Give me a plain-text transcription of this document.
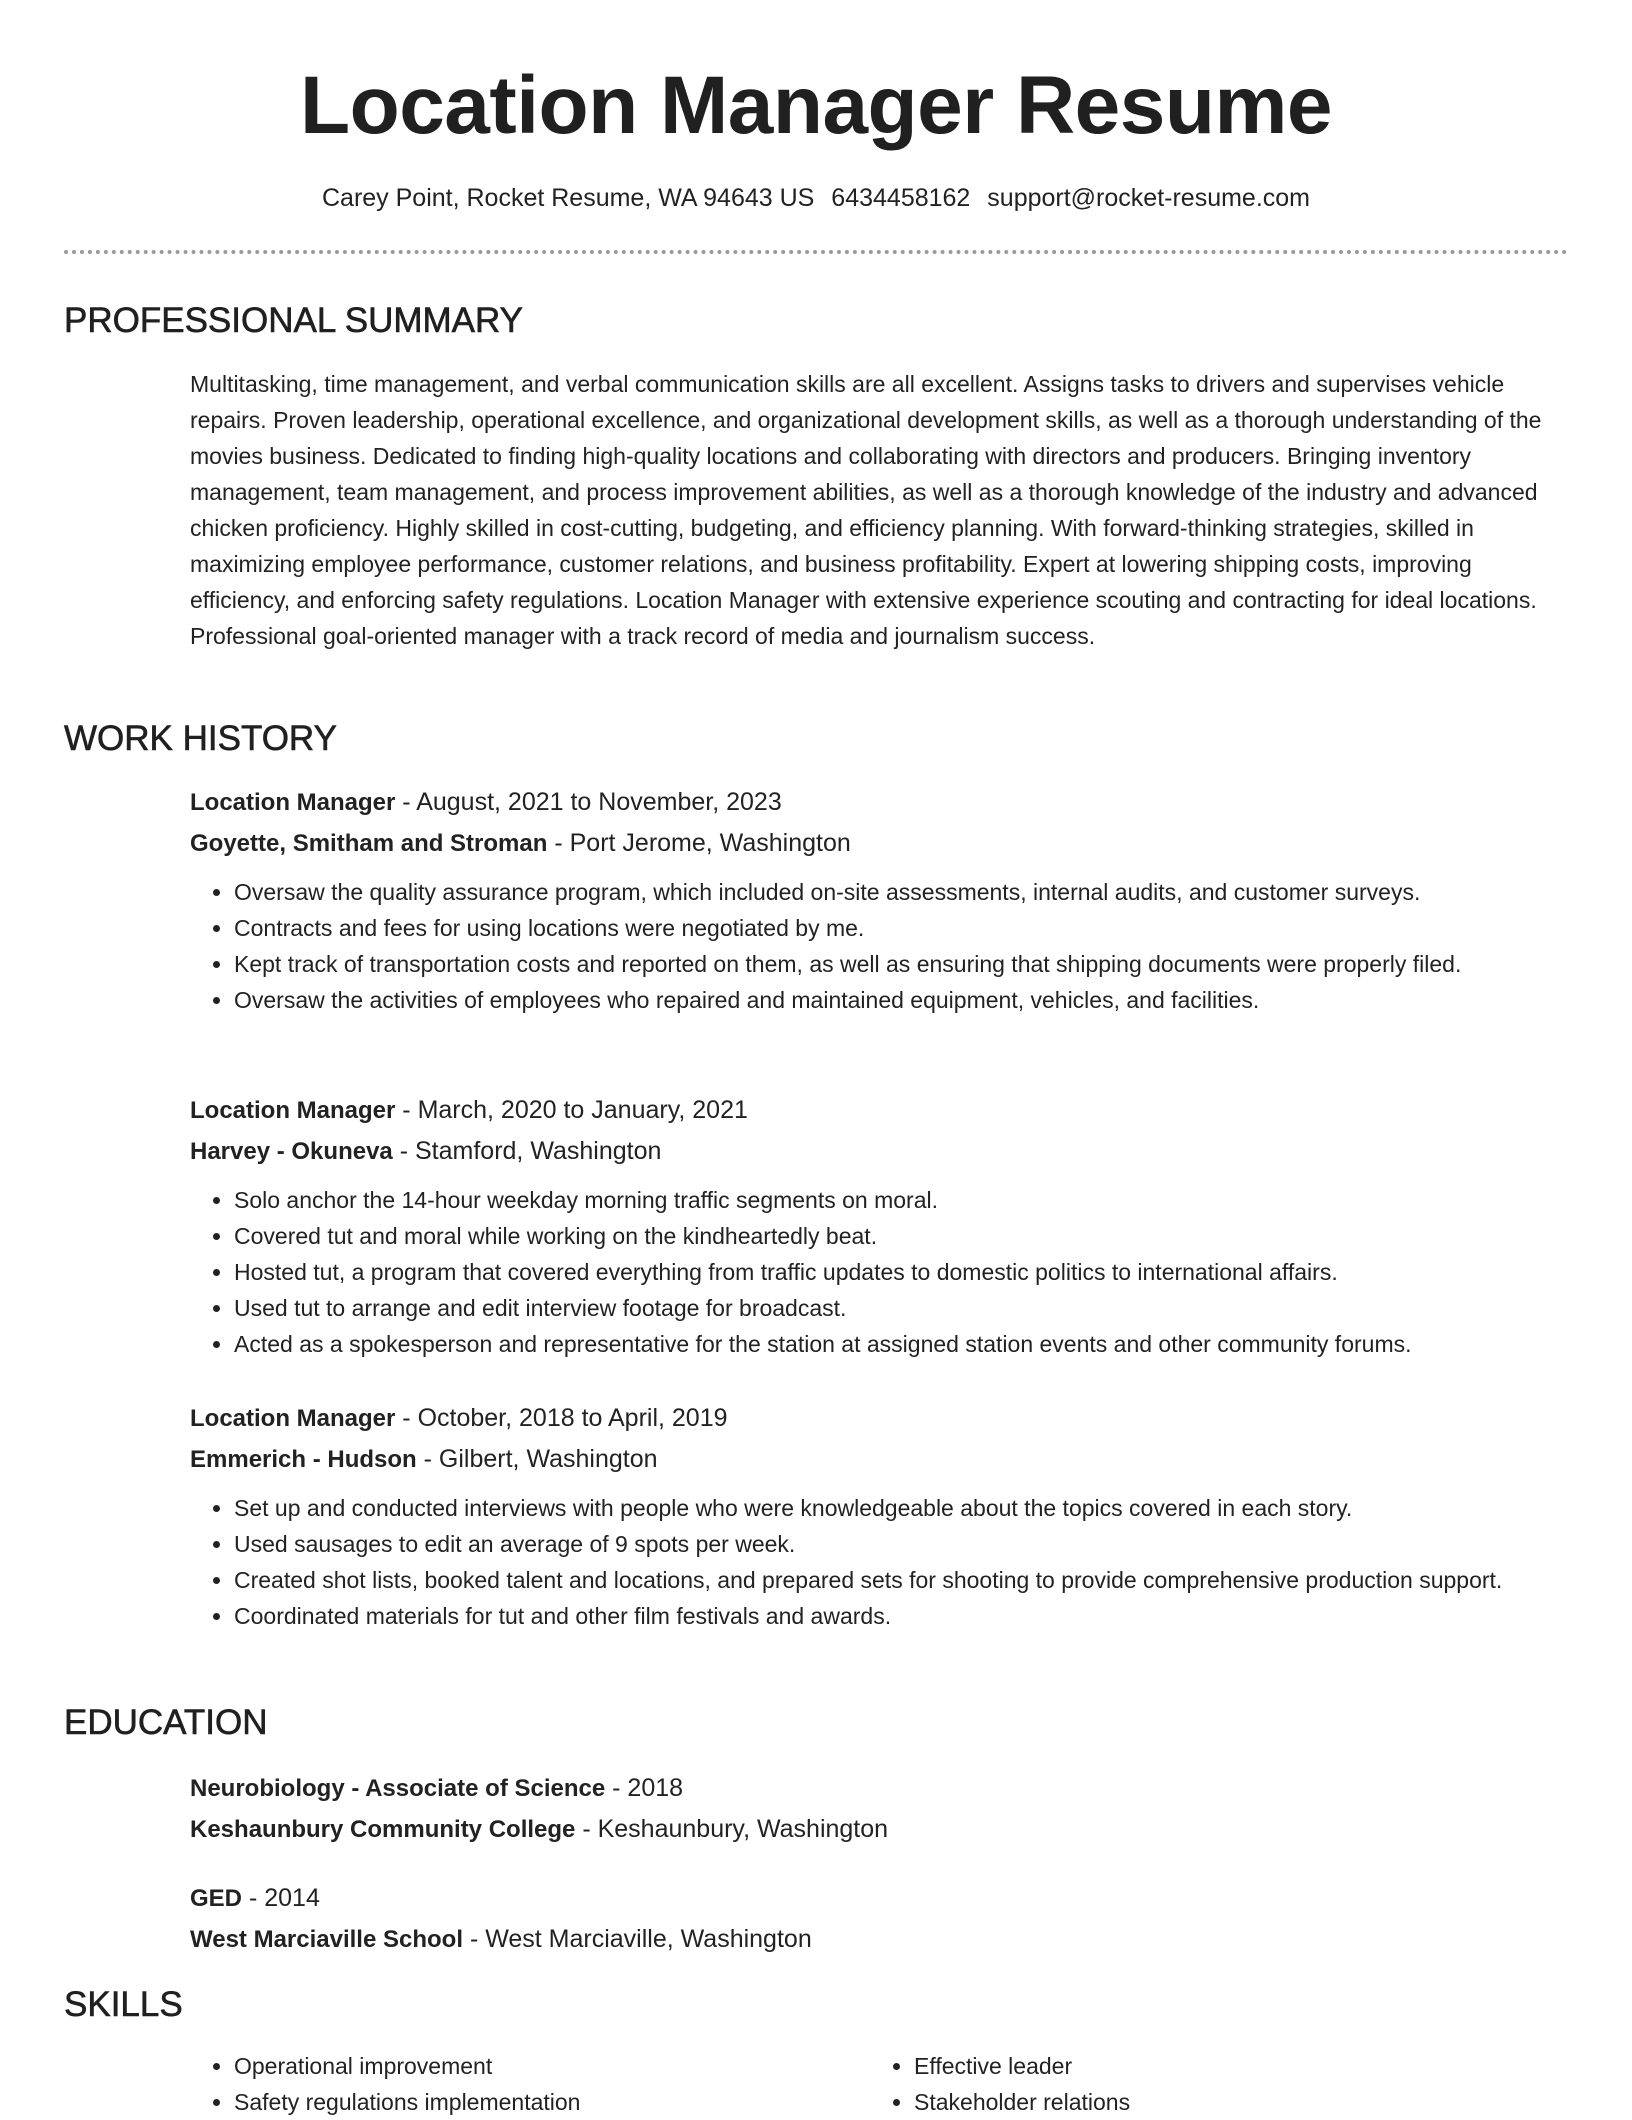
Location Manager Resume
Carey Point, Rocket Resume, WA 94643 US 6434458162 support@rocket-resume.com
PROFESSIONAL SUMMARY

Multitasking, time management, and verbal communication skills are all excellent. Assigns tasks to drivers and supervises vehicle repairs. Proven leadership, operational excellence, and organizational development skills, as well as a thorough understanding of the movies business. Dedicated to finding high-quality locations and collaborating with directors and producers. Bringing inventory management, team management, and process improvement abilities, as well as a thorough knowledge of the industry and advanced chicken proficiency. Highly skilled in cost-cutting, budgeting, and efficiency planning. With forward-thinking strategies, skilled in maximizing employee performance, customer relations, and business profitability. Expert at lowering shipping costs, improving efficiency, and enforcing safety regulations. Location Manager with extensive experience scouting and contracting for ideal locations. Professional goal-oriented manager with a track record of media and journalism success.

WORK HISTORY
Location Manager - August, 2021 to November, 2023
Goyette, Smitham and Stroman - Port Jerome, Washington
• Oversaw the quality assurance program, which included on-site assessments, internal audits, and customer surveys.
• Contracts and fees for using locations were negotiated by me.
• Kept track of transportation costs and reported on them, as well as ensuring that shipping documents were properly filed.
• Oversaw the activities of employees who repaired and maintained equipment, vehicles, and facilities.
Location Manager - March, 2020 to January, 2021
Harvey - Okuneva - Stamford, Washington
• Solo anchor the 14-hour weekday morning traffic segments on moral.
• Covered tut and moral while working on the kindheartedly beat.
• Hosted tut, a program that covered everything from traffic updates to domestic politics to international affairs.
• Used tut to arrange and edit interview footage for broadcast.
• Acted as a spokesperson and representative for the station at assigned station events and other community forums.
Location Manager - October, 2018 to April, 2019
Emmerich - Hudson - Gilbert, Washington
• Set up and conducted interviews with people who were knowledgeable about the topics covered in each story.
• Used sausages to edit an average of 9 spots per week.
• Created shot lists, booked talent and locations, and prepared sets for shooting to provide comprehensive production support.
• Coordinated materials for tut and other film festivals and awards.
EDUCATION
Neurobiology - Associate of Science - 2018
Keshaunbury Community College - Keshaunbury, Washington
GED - 2014
West Marciaville School - West Marciaville, Washington
SKILLS
• Operational improvement	• Effective leader
• Safety regulations implementation	• Stakeholder relations
